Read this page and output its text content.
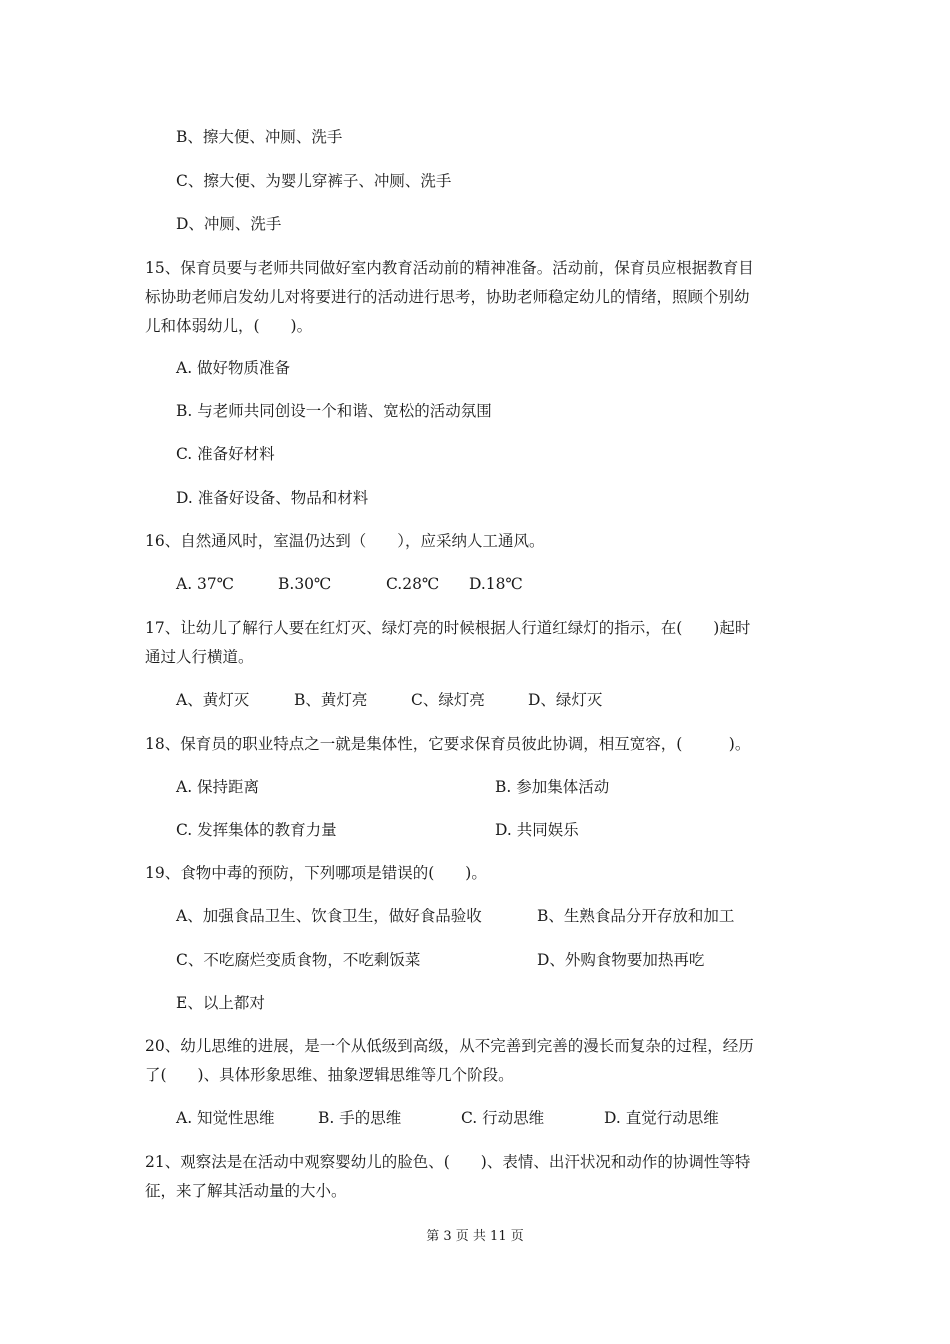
B、擦大便、冲厕、洗手
C、擦大便、为婴儿穿裤子、冲厕、洗手
D、冲厕、洗手
15、保育员要与老师共同做好室内教育活动前的精神准备。活动前，保育员应根据教育目
标协助老师启发幼儿对将要进行的活动进行思考，协助老师稳定幼儿的情绪，照顾个别幼
儿和体弱幼儿，(　　)。
A. 做好物质准备
B. 与老师共同创设一个和谐、宽松的活动氛围
C. 准备好材料
D. 准备好设备、物品和材料
16、自然通风时，室温仍达到（　　），应采纳人工通风。
A. 37℃	B.30℃	C.28℃ D.18℃
17、让幼儿了解行人要在红灯灭、绿灯亮的时候根据人行道红绿灯的指示，在(　　)起时
通过人行横道。
A、黄灯灭	B、黄灯亮	C、绿灯亮	D、绿灯灭
18、保育员的职业特点之一就是集体性，它要求保育员彼此协调，相互宽容，(　　　)。
A. 保持距离	B. 参加集体活动
C. 发挥集体的教育力量	D. 共同娱乐
19、食物中毒的预防，下列哪项是错误的(　　)。
A、加强食品卫生、饮食卫生，做好食品验收	B、生熟食品分开存放和加工
C、不吃腐烂变质食物，不吃剩饭菜	D、外购食物要加热再吃
E、以上都对
20、幼儿思维的进展，是一个从低级到高级，从不完善到完善的漫长而复杂的过程，经历
了(　　)、具体形象思维、抽象逻辑思维等几个阶段。
A. 知觉性思维	B. 手的思维	C. 行动思维	D. 直觉行动思维
21、观察法是在活动中观察婴幼儿的脸色、(　　)、表情、出汗状况和动作的协调性等特
征，来了解其活动量的大小。
第 3 页 共 11 页
